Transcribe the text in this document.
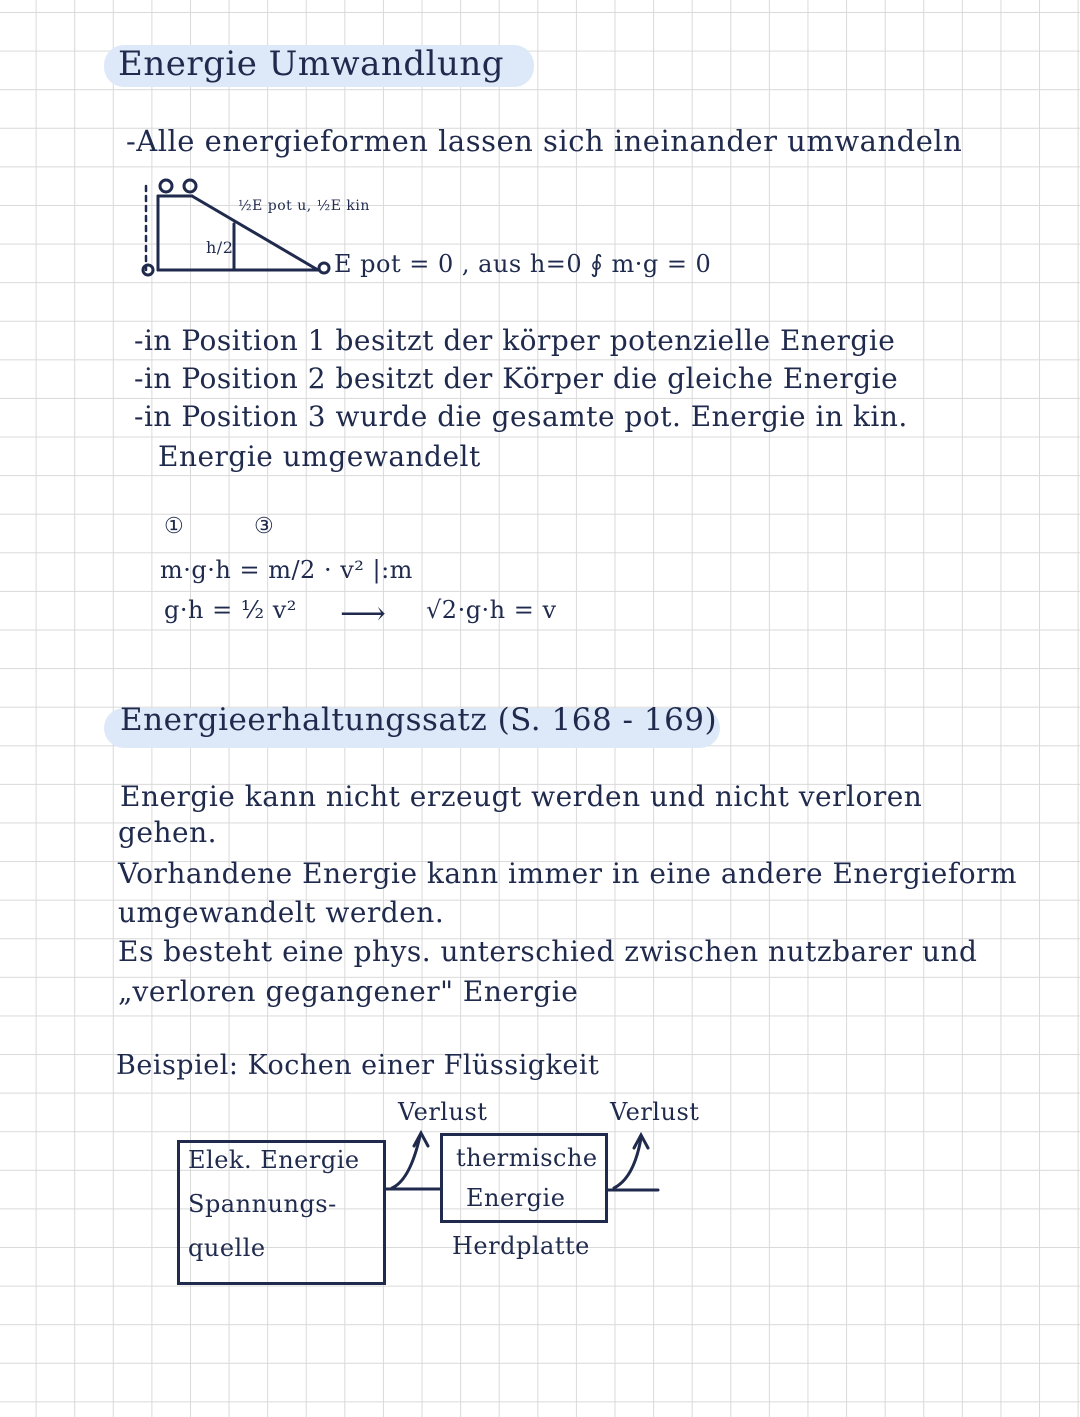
Energie Umwandlung
-Alle energieformen lassen sich ineinander umwandeln
½E pot u, ½E kin
h/2
E pot = 0 , aus h=0 ∮ m·g = 0
-in Position 1 besitzt der körper potenzielle Energie
-in Position 2 besitzt der Körper die gleiche Energie
-in Position 3 wurde die gesamte pot. Energie in kin.
Energie umgewandelt
①	③
m·g·h = m/2 · v² |:m
g·h = ½ v² ⟶ √2·g·h = v
Energieerhaltungssatz (S. 168 - 169)
Energie kann nicht erzeugt werden und nicht verloren
gehen.
Vorhandene Energie kann immer in eine andere Energieform
umgewandelt werden.
Es besteht eine phys. unterschied zwischen nutzbarer und
„verloren gegangener" Energie
Beispiel: Kochen einer Flüssigkeit
Elek. Energie
Spannungs-
quelle
thermische
Energie
Herdplatte
Verlust	Verlust
